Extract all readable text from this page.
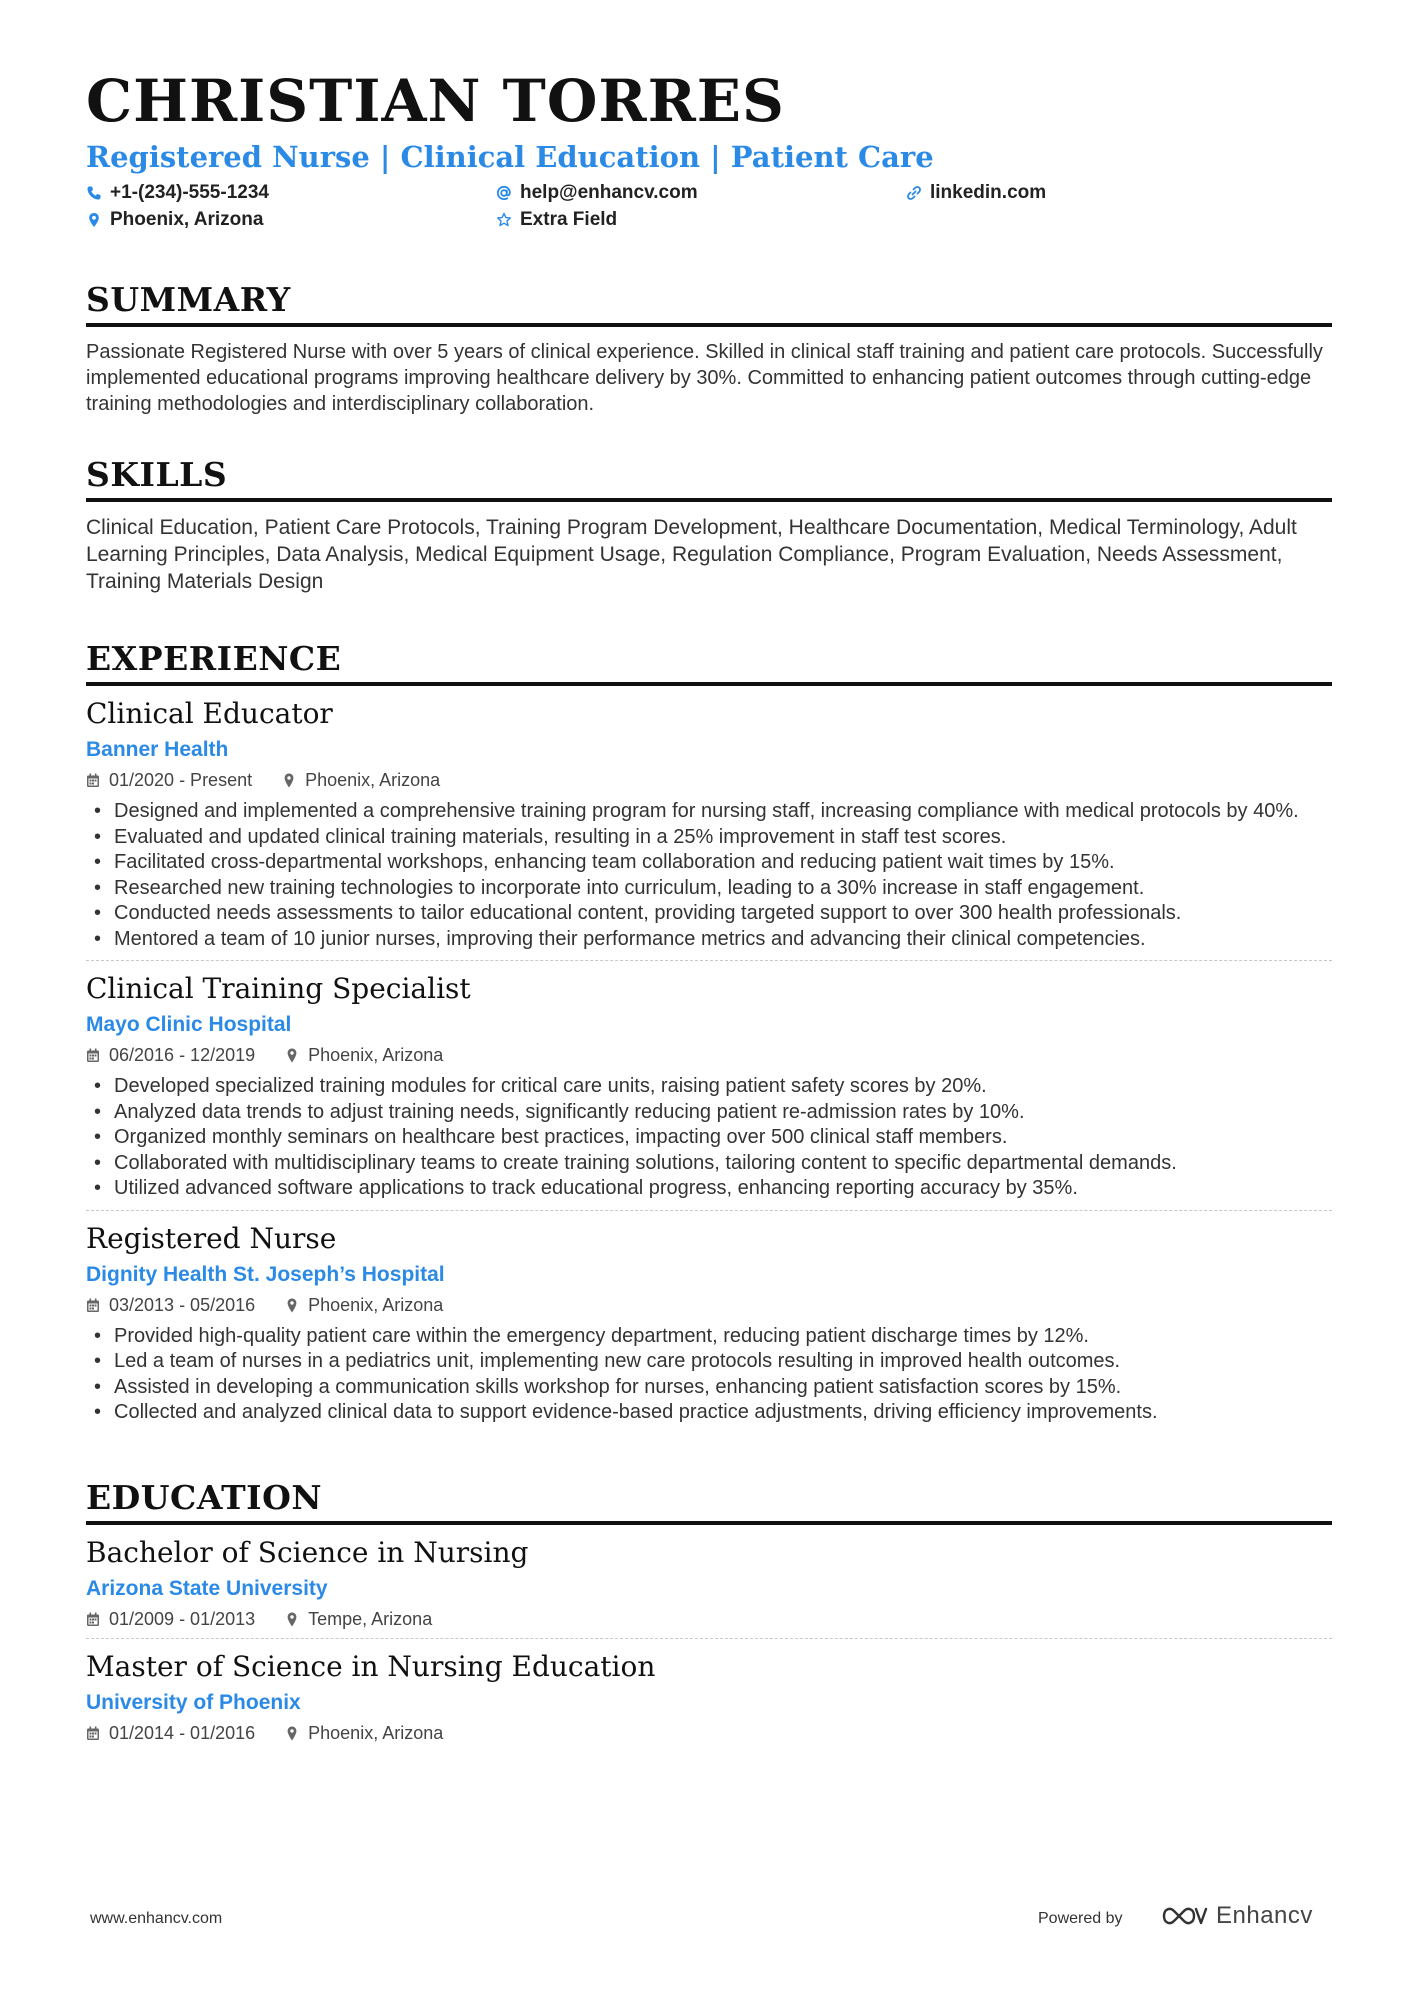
CHRISTIAN TORRES
Registered Nurse | Clinical Education | Patient Care
+1-(234)-555-1234	help@enhancv.com	linkedin.com
Phoenix, Arizona	Extra Field
SUMMARY

Passionate Registered Nurse with over 5 years of clinical experience. Skilled in clinical staff training and patient care protocols. Successfully implemented educational programs improving healthcare delivery by 30%. Committed to enhancing patient outcomes through cutting-edge training methodologies and interdisciplinary collaboration.

SKILLS

Clinical Education, Patient Care Protocols, Training Program Development, Healthcare Documentation, Medical Terminology, Adult Learning Principles, Data Analysis, Medical Equipment Usage, Regulation Compliance, Program Evaluation, Needs Assessment, Training Materials Design

EXPERIENCE
Clinical Educator
Banner Health
01/2020 - Present	Phoenix, Arizona
• Designed and implemented a comprehensive training program for nursing staff, increasing compliance with medical protocols by 40%.
• Evaluated and updated clinical training materials, resulting in a 25% improvement in staff test scores.
• Facilitated cross-departmental workshops, enhancing team collaboration and reducing patient wait times by 15%.
• Researched new training technologies to incorporate into curriculum, leading to a 30% increase in staff engagement.
• Conducted needs assessments to tailor educational content, providing targeted support to over 300 health professionals.
• Mentored a team of 10 junior nurses, improving their performance metrics and advancing their clinical competencies.
Clinical Training Specialist
Mayo Clinic Hospital
06/2016 - 12/2019	Phoenix, Arizona
• Developed specialized training modules for critical care units, raising patient safety scores by 20%.
• Analyzed data trends to adjust training needs, significantly reducing patient re-admission rates by 10%.
• Organized monthly seminars on healthcare best practices, impacting over 500 clinical staff members.
• Collaborated with multidisciplinary teams to create training solutions, tailoring content to specific departmental demands.
• Utilized advanced software applications to track educational progress, enhancing reporting accuracy by 35%.
Registered Nurse
Dignity Health St. Joseph’s Hospital
03/2013 - 05/2016	Phoenix, Arizona
• Provided high-quality patient care within the emergency department, reducing patient discharge times by 12%.
• Led a team of nurses in a pediatrics unit, implementing new care protocols resulting in improved health outcomes.
• Assisted in developing a communication skills workshop for nurses, enhancing patient satisfaction scores by 15%.
• Collected and analyzed clinical data to support evidence-based practice adjustments, driving efficiency improvements.
EDUCATION
Bachelor of Science in Nursing
Arizona State University
01/2009 - 01/2013	Tempe, Arizona
Master of Science in Nursing Education
University of Phoenix
01/2014 - 01/2016	Phoenix, Arizona
www.enhancv.com	Powered by	Enhancv
